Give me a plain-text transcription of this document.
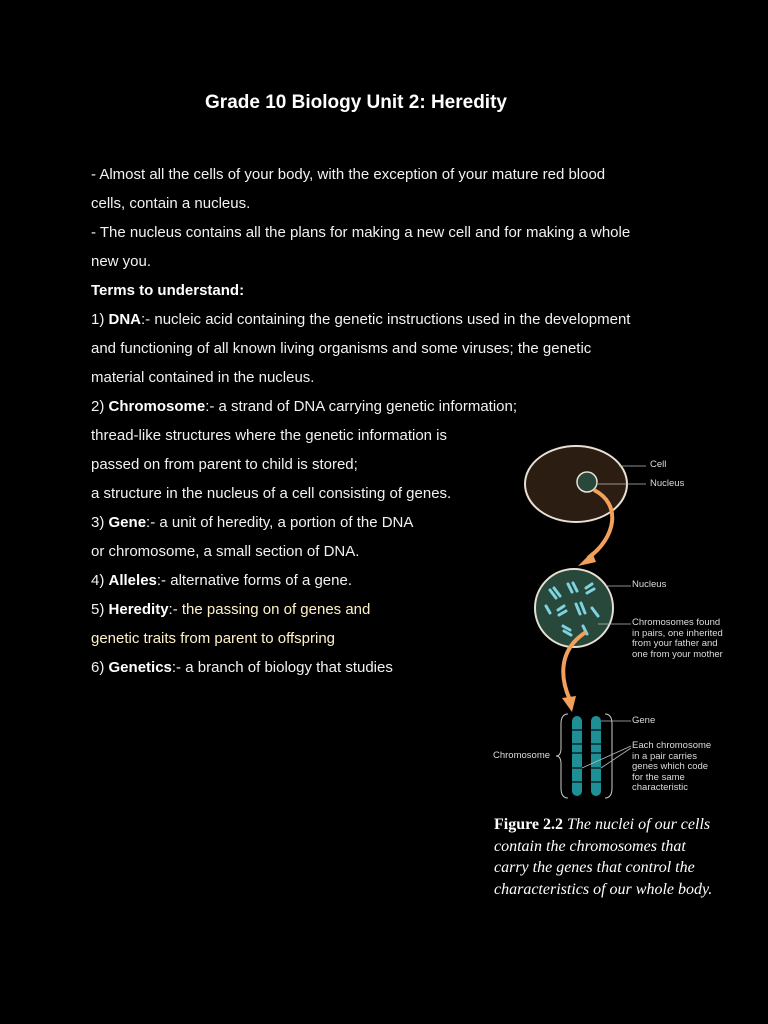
Grade 10 Biology Unit 2: Heredity
- Almost all the cells of your body, with the exception of your mature red blood
cells, contain a nucleus.
- The nucleus contains all the plans for making a new cell and for making a whole
new you.
Terms to understand:
1) DNA:- nucleic acid containing the genetic instructions used in the development
and functioning of all known living organisms and some viruses; the genetic
material contained in the nucleus.
2) Chromosome:- a strand of DNA carrying genetic information;
thread-like structures where the genetic information is
passed on from parent to child is stored;
a structure in the nucleus of a cell consisting of genes.
3) Gene:- a unit of heredity, a portion of the DNA
or chromosome, a small section of DNA.
4) Alleles:- alternative forms of a gene.
5) Heredity:- the passing on of genes and
genetic traits from parent to offspring
6) Genetics:- a branch of biology that studies
Cell
Nucleus
Nucleus
Chromosomes found
in pairs, one inherited
from your father and
one from your mother
Gene
Each chromosome
in a pair carries
genes which code
for the same
characteristic
Chromosome
Figure 2.2 The nuclei of our cells
contain the chromosomes that
carry the genes that control the
characteristics of our whole body.
